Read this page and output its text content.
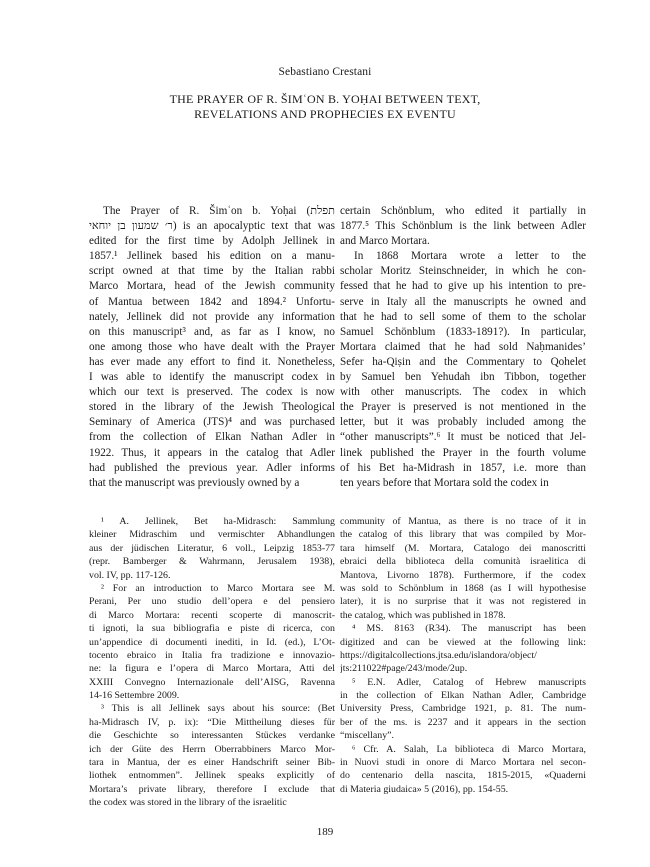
Sebastiano Crestani
THE PRAYER OF R. ŠIMʿON B. YOḤAI BETWEEN TEXT,
REVELATIONS AND PROPHECIES EX EVENTU
The Prayer of R. Šimʿon b. Yoḥai (תפלת
ר׳ שמעון בן יוחאי) is an apocalyptic text that was
edited for the first time by Adolph Jellinek in
1857.¹ Jellinek based his edition on a manu-
script owned at that time by the Italian rabbi
Marco Mortara, head of the Jewish community
of Mantua between 1842 and 1894.² Unfortu-
nately, Jellinek did not provide any information
on this manuscript³ and, as far as I know, no
one among those who have dealt with the Prayer
has ever made any effort to find it. Nonetheless,
I was able to identify the manuscript codex in
which our text is preserved. The codex is now
stored in the library of the Jewish Theological
Seminary of America (JTS)⁴ and was purchased
from the collection of Elkan Nathan Adler in
1922. Thus, it appears in the catalog that Adler
had published the previous year. Adler informs
that the manuscript was previously owned by a
certain Schönblum, who edited it partially in
1877.⁵ This Schönblum is the link between Adler
and Marco Mortara.
In 1868 Mortara wrote a letter to the
scholar Moritz Steinschneider, in which he con-
fessed that he had to give up his intention to pre-
serve in Italy all the manuscripts he owned and
that he had to sell some of them to the scholar
Samuel Schönblum (1833-1891?). In particular,
Mortara claimed that he had sold Naḥmanides’
Sefer ha-Qiṣin and the Commentary to Qohelet
by Samuel ben Yehudah ibn Tibbon, together
with other manuscripts. The codex in which
the Prayer is preserved is not mentioned in the
letter, but it was probably included among the
“other manuscripts”.⁶ It must be noticed that Jel-
linek published the Prayer in the fourth volume
of his Bet ha-Midrash in 1857, i.e. more than
ten years before that Mortara sold the codex in
¹ A. Jellinek, Bet ha-Midrasch: Sammlung
kleiner Midraschim und vermischter Abhandlungen
aus der jüdischen Literatur, 6 voll., Leipzig 1853-77
(repr. Bamberger & Wahrmann, Jerusalem 1938),
vol. IV, pp. 117-126.
² For an introduction to Marco Mortara see M.
Perani, Per uno studio dell’opera e del pensiero
di Marco Mortara: recenti scoperte di manoscrit-
ti ignoti, la sua bibliografia e piste di ricerca, con
un’appendice di documenti inediti, in Id. (ed.), L’Ot-
tocento ebraico in Italia fra tradizione e innovazio-
ne: la figura e l’opera di Marco Mortara, Atti del
XXIII Convegno Internazionale dell’AISG, Ravenna
14-16 Settembre 2009.
³ This is all Jellinek says about his source: (Bet
ha-Midrasch IV, p. ix): “Die Mittheilung dieses für
die Geschichte so interessanten Stückes verdanke
ich der Güte des Herrn Oberrabbiners Marco Mor-
tara in Mantua, der es einer Handschrift seiner Bib-
liothek entnommen”. Jellinek speaks explicitly of
Mortara’s private library, therefore I exclude that
the codex was stored in the library of the israelitic
community of Mantua, as there is no trace of it in
the catalog of this library that was compiled by Mor-
tara himself (M. Mortara, Catalogo dei manoscritti
ebraici della biblioteca della comunità israelitica di
Mantova, Livorno 1878). Furthermore, if the codex
was sold to Schönblum in 1868 (as I will hypothesise
later), it is no surprise that it was not registered in
the catalog, which was published in 1878.
⁴ MS. 8163 (R34). The manuscript has been
digitized and can be viewed at the following link:
https://digitalcollections.jtsa.edu/islandora/object/
jts:211022#page/243/mode/2up.
⁵ E.N. Adler, Catalog of Hebrew manuscripts
in the collection of Elkan Nathan Adler, Cambridge
University Press, Cambridge 1921, p. 81. The num-
ber of the ms. is 2237 and it appears in the section
“miscellany”.
⁶ Cfr. A. Salah, La biblioteca di Marco Mortara,
in Nuovi studi in onore di Marco Mortara nel secon-
do centenario della nascita, 1815-2015, «Quaderni
di Materia giudaica» 5 (2016), pp. 154-55.
189
